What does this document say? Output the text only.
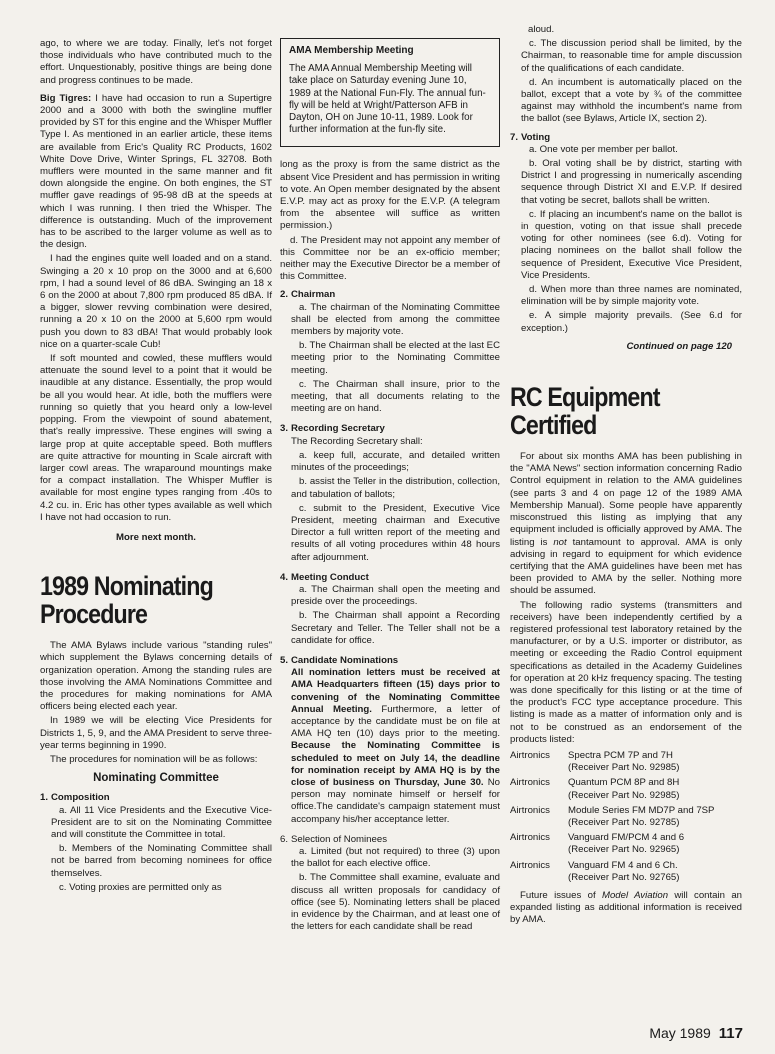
ago, to where we are today. Finally, let's not forget those individuals who have contributed much to the effort. Unquestionably, positive things are being done and progress continues to be made.

Big Tigres: I have had occasion to run a Supertigre 2000 and a 3000 with both the swingline muffler provided by ST for this engine and the Whisper Muffler Type I. As mentioned in an earlier article, these items are available from Eric's Quality RC Products, 1602 White Dove Drive, Winter Springs, FL 32708. Both mufflers were mounted in the same manner and fit down alongside the engine. On both engines, the ST muffler gave readings of 95-98 dB at the speeds at which I was running. I then tried the Whisper. The difference is outstanding. Much of the improvement has to be ascribed to the larger volume as well as to the design.

I had the engines quite well loaded and on a stand. Swinging a 20 x 10 prop on the 3000 and at 6,600 rpm, I had a sound level of 86 dBA. Swinging an 18 x 6 on the 2000 at about 7,800 rpm produced 85 dBA. If a bigger, slower revving combination were desired, running a 20 x 10 on the 2000 at 5,600 rpm would push you down to 83 dBA! That would probably look nice on a quarter-scale Cub!

If soft mounted and cowled, these mufflers would attenuate the sound level to a point that it would be inaudible at any distance. Essentially, the prop would be all you would hear. At idle, both the mufflers were running so quietly that you heard only a low-level popping. From the viewpoint of sound abatement, that's really impressive. These engines will swing a large prop at quite acceptable speed. Both mufflers are quite attractive for mounting in Scale aircraft with larger cowl areas. The wraparound mountings make for a compact installation. The Whisper Muffler is available for most engine types ranging from .40s to 4.2 cu. in. Eric has other types available as well which I have not had occasion to run.

More next month.

1989 Nominating Procedure

The AMA Bylaws include various "standing rules" which supplement the Bylaws concerning details of organization operation. Among the standing rules are those involving the AMA Nominations Committee and the procedures for making nominations for AMA officers being elected each year.

In 1989 we will be electing Vice Presidents for Districts 1, 5, 9, and the AMA President to serve three-year terms beginning in 1990.

The procedures for nomination will be as follows:

Nominating Committee
1. Composition
a. All 11 Vice Presidents and the Executive Vice-President are to sit on the Nominating Committee and will constitute the Committee in total.
b. Members of the Nominating Committee shall not be barred from becoming nominees for office themselves.
c. Voting proxies are permitted only as
AMA Membership Meeting
The AMA Annual Membership Meeting will take place on Saturday evening June 10, 1989 at the National Fun-Fly. The annual fun-fly will be held at Wright/Patterson AFB in Dayton, OH on June 10-11, 1989. Look for further information at the fun-fly site.

long as the proxy is from the same district as the absent Vice President and has permission in writing to vote. An Open member designated by the absent E.V.P. may act as proxy for the E.V.P. (A telegram from the absentee will suffice as written permission.)

d. The President may not appoint any member of this Committee nor be an ex-officio member; neither may the Executive Director be a member of this Committee.

2. Chairman
a. The chairman of the Nominating Committee shall be elected from among the committee members by majority vote.
b. The Chairman shall be elected at the last EC meeting prior to the Nominating Committee meeting.
c. The Chairman shall insure, prior to the meeting, that all documents relating to the meeting are on hand.
3. Recording Secretary
The Recording Secretary shall:
a. keep full, accurate, and detailed written minutes of the proceedings;
b. assist the Teller in the distribution, collection, and tabulation of ballots;
c. submit to the President, Executive Vice President, meeting chairman and Executive Director a full written report of the meeting and results of all voting procedures within 48 hours after adjournment.
4. Meeting Conduct
a. The Chairman shall open the meeting and preside over the proceedings.
b. The Chairman shall appoint a Recording Secretary and Teller. The Teller shall not be a candidate for office.
5. Candidate Nominations
All nomination letters must be received at AMA Headquarters fifteen (15) days prior to convening of the Nominating Committee Annual Meeting. Furthermore, a letter of acceptance by the candidate must be on file at AMA HQ ten (10) days prior to the meeting. Because the Nominating Committee is scheduled to meet on July 14, the deadline for nomination receipt by AMA HQ is by the close of business on Thursday, June 30. No person may nominate himself or herself for office.The candidate's campaign statement must accompany his/her acceptance letter.
6. Selection of Nominees
a. Limited (but not required) to three (3) upon the ballot for each elective office.
b. The Committee shall examine, evaluate and discuss all written proposals for candidacy of office (see 5). Nominating letters shall be placed in evidence by the Chairman, and at least one of the letters for each candidate shall be read

aloud.

c. The discussion period shall be limited, by the Chairman, to reasonable time for ample discussion of the qualifications of each candidate.
d. An incumbent is automatically placed on the ballot, except that a vote by ¾ of the committee against may withhold the incumbent's name from the ballot (see Bylaws, Article IX, section 2).
7. Voting
a. One vote per member per ballot.
b. Oral voting shall be by district, starting with District I and progressing in numerically ascending sequence through District XI and E.V.P. If desired that voting be secret, ballots shall be written.
c. If placing an incumbent's name on the ballot is in question, voting on that issue shall precede voting for other nominees (see 6.d). Voting for placing nominees on the ballot shall follow the sequence of President, Executive Vice President, Vice Presidents.
d. When more than three names are nominated, elimination will be by simple majority vote.
e. A simple majority prevails. (See 6.d for exception.)

Continued on page 120

RC Equipment Certified

For about six months AMA has been publishing in the "AMA News" section information concerning Radio Control equipment in relation to the AMA guidelines (see parts 3 and 4 on page 12 of the 1989 AMA Membership Manual). Some people have apparently misconstrued this listing as implying that any equipment included is officially approved by AMA. The listing is not tantamount to approval. AMA is only advising in regard to equipment for which evidence certifying that the AMA guidelines have been met has been provided to AMA by the seller. Nothing more should be assumed.

The following radio systems (transmitters and receivers) have been independently certified by a registered professional test laboratory retained by the manufacturer, or by a U.S. importer or distributor, as meeting or exceeding the Radio Control equipment specifications as detailed in the Academy Guidelines for operation at 20 kHz frequency spacing. The testing was done specifically for this listing or at the time of the product's FCC type acceptance procedure. This listing is made as a matter of information only and is not to be construed as an endorsement of the products listed:

Airtronics	Spectra PCM 7P and 7H
(Receiver Part No. 92985)
Airtronics	Quantum PCM 8P and 8H
(Receiver Part No. 92985)
Airtronics	Module Series FM MD7P and 7SP
(Receiver Part No. 92785)
Airtronics	Vanguard FM/PCM 4 and 6
(Receiver Part No. 92965)
Airtronics	Vanguard FM 4 and 6 Ch.
(Receiver Part No. 92765)

Future issues of Model Aviation will contain an expanded listing as additional information is received by AMA.

May 1989 117
